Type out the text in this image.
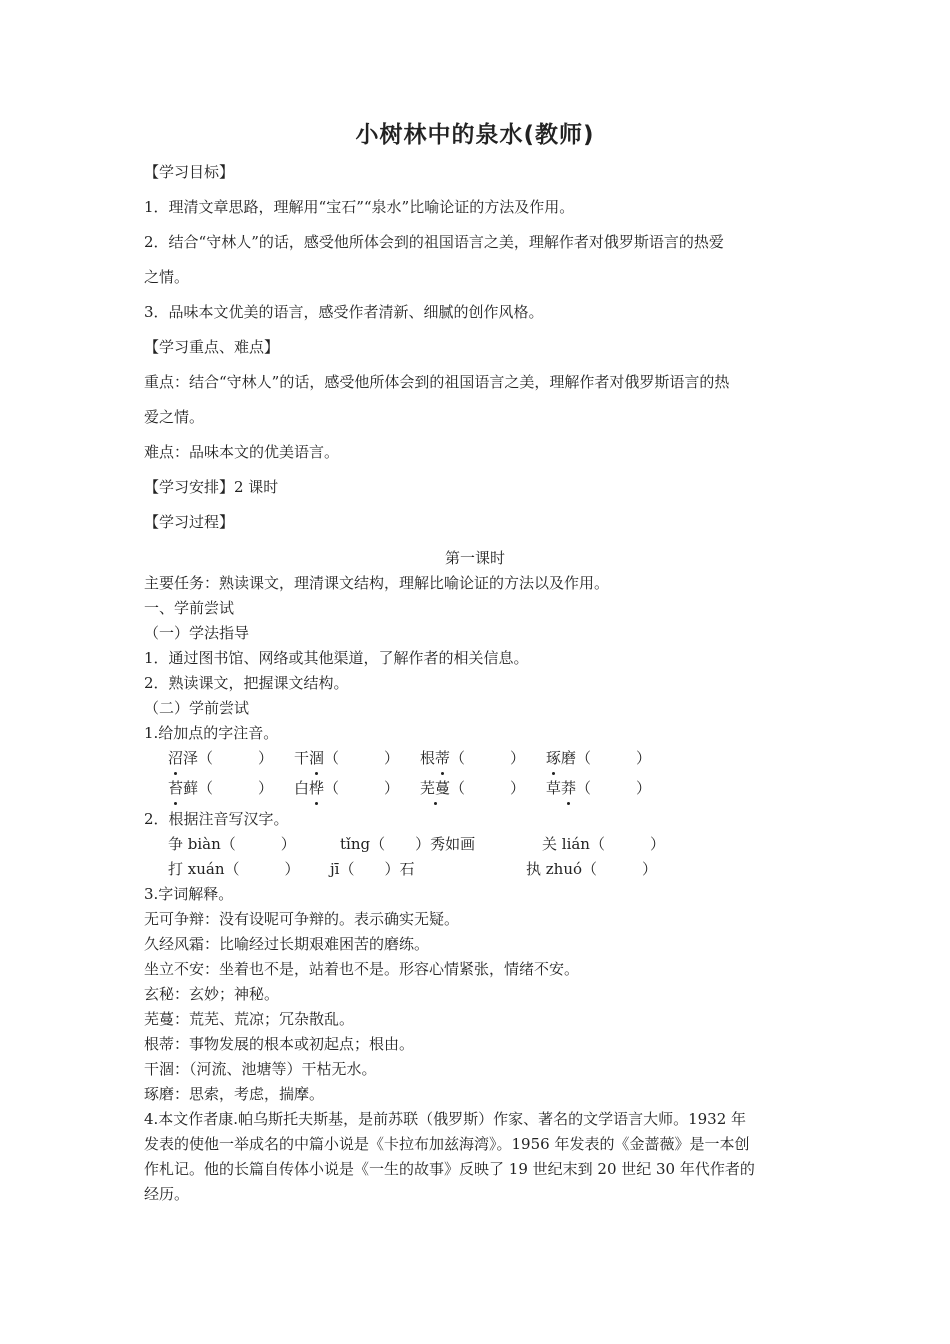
小树林中的泉水(教师)
【学习目标】
1．理清文章思路，理解用“宝石”“泉水”比喻论证的方法及作用。
2．结合“守林人”的话，感受他所体会到的祖国语言之美，理解作者对俄罗斯语言的热爱
之情。
3．品味本文优美的语言，感受作者清新、细腻的创作风格。
【学习重点、难点】
重点：结合“守林人”的话，感受他所体会到的祖国语言之美，理解作者对俄罗斯语言的热
爱之情。
难点：品味本文的优美语言。
【学习安排】2 课时
【学习过程】
第一课时
主要任务：熟读课文，理清课文结构，理解比喻论证的方法以及作用。
一、学前尝试
（一）学法指导
1．通过图书馆、网络或其他渠道，了解作者的相关信息。
2．熟读课文，把握课文结构。
（二）学前尝试
1.给加点的字注音。
沼泽（　　　） 干涸（　　　） 根蒂（　　　） 琢磨（　　　）
苔藓（　　　） 白桦（　　　） 芜蔓（　　　） 草莽（　　　）
2．根据注音写汉字。
争 biàn（　　　）	tǐng（　　）秀如画	关 lián（　　　）
打 xuán（　　　） jī（　　）石	执 zhuó（　　　）
3.字词解释。
无可争辩：没有设呢可争辩的。表示确实无疑。
久经风霜：比喻经过长期艰难困苦的磨练。
坐立不安：坐着也不是，站着也不是。形容心情紧张，情绪不安。
玄秘：玄妙；神秘。
芜蔓：荒芜、荒凉；冗杂散乱。
根蒂：事物发展的根本或初起点；根由。
干涸：（河流、池塘等）干枯无水。
琢磨：思索，考虑，揣摩。
4.本文作者康.帕乌斯托夫斯基，是前苏联（俄罗斯）作家、著名的文学语言大师。1932 年
发表的使他一举成名的中篇小说是《卡拉布加兹海湾》。1956 年发表的《金蔷薇》是一本创
作札记。他的长篇自传体小说是《一生的故事》反映了 19 世纪末到 20 世纪 30 年代作者的
经历。
